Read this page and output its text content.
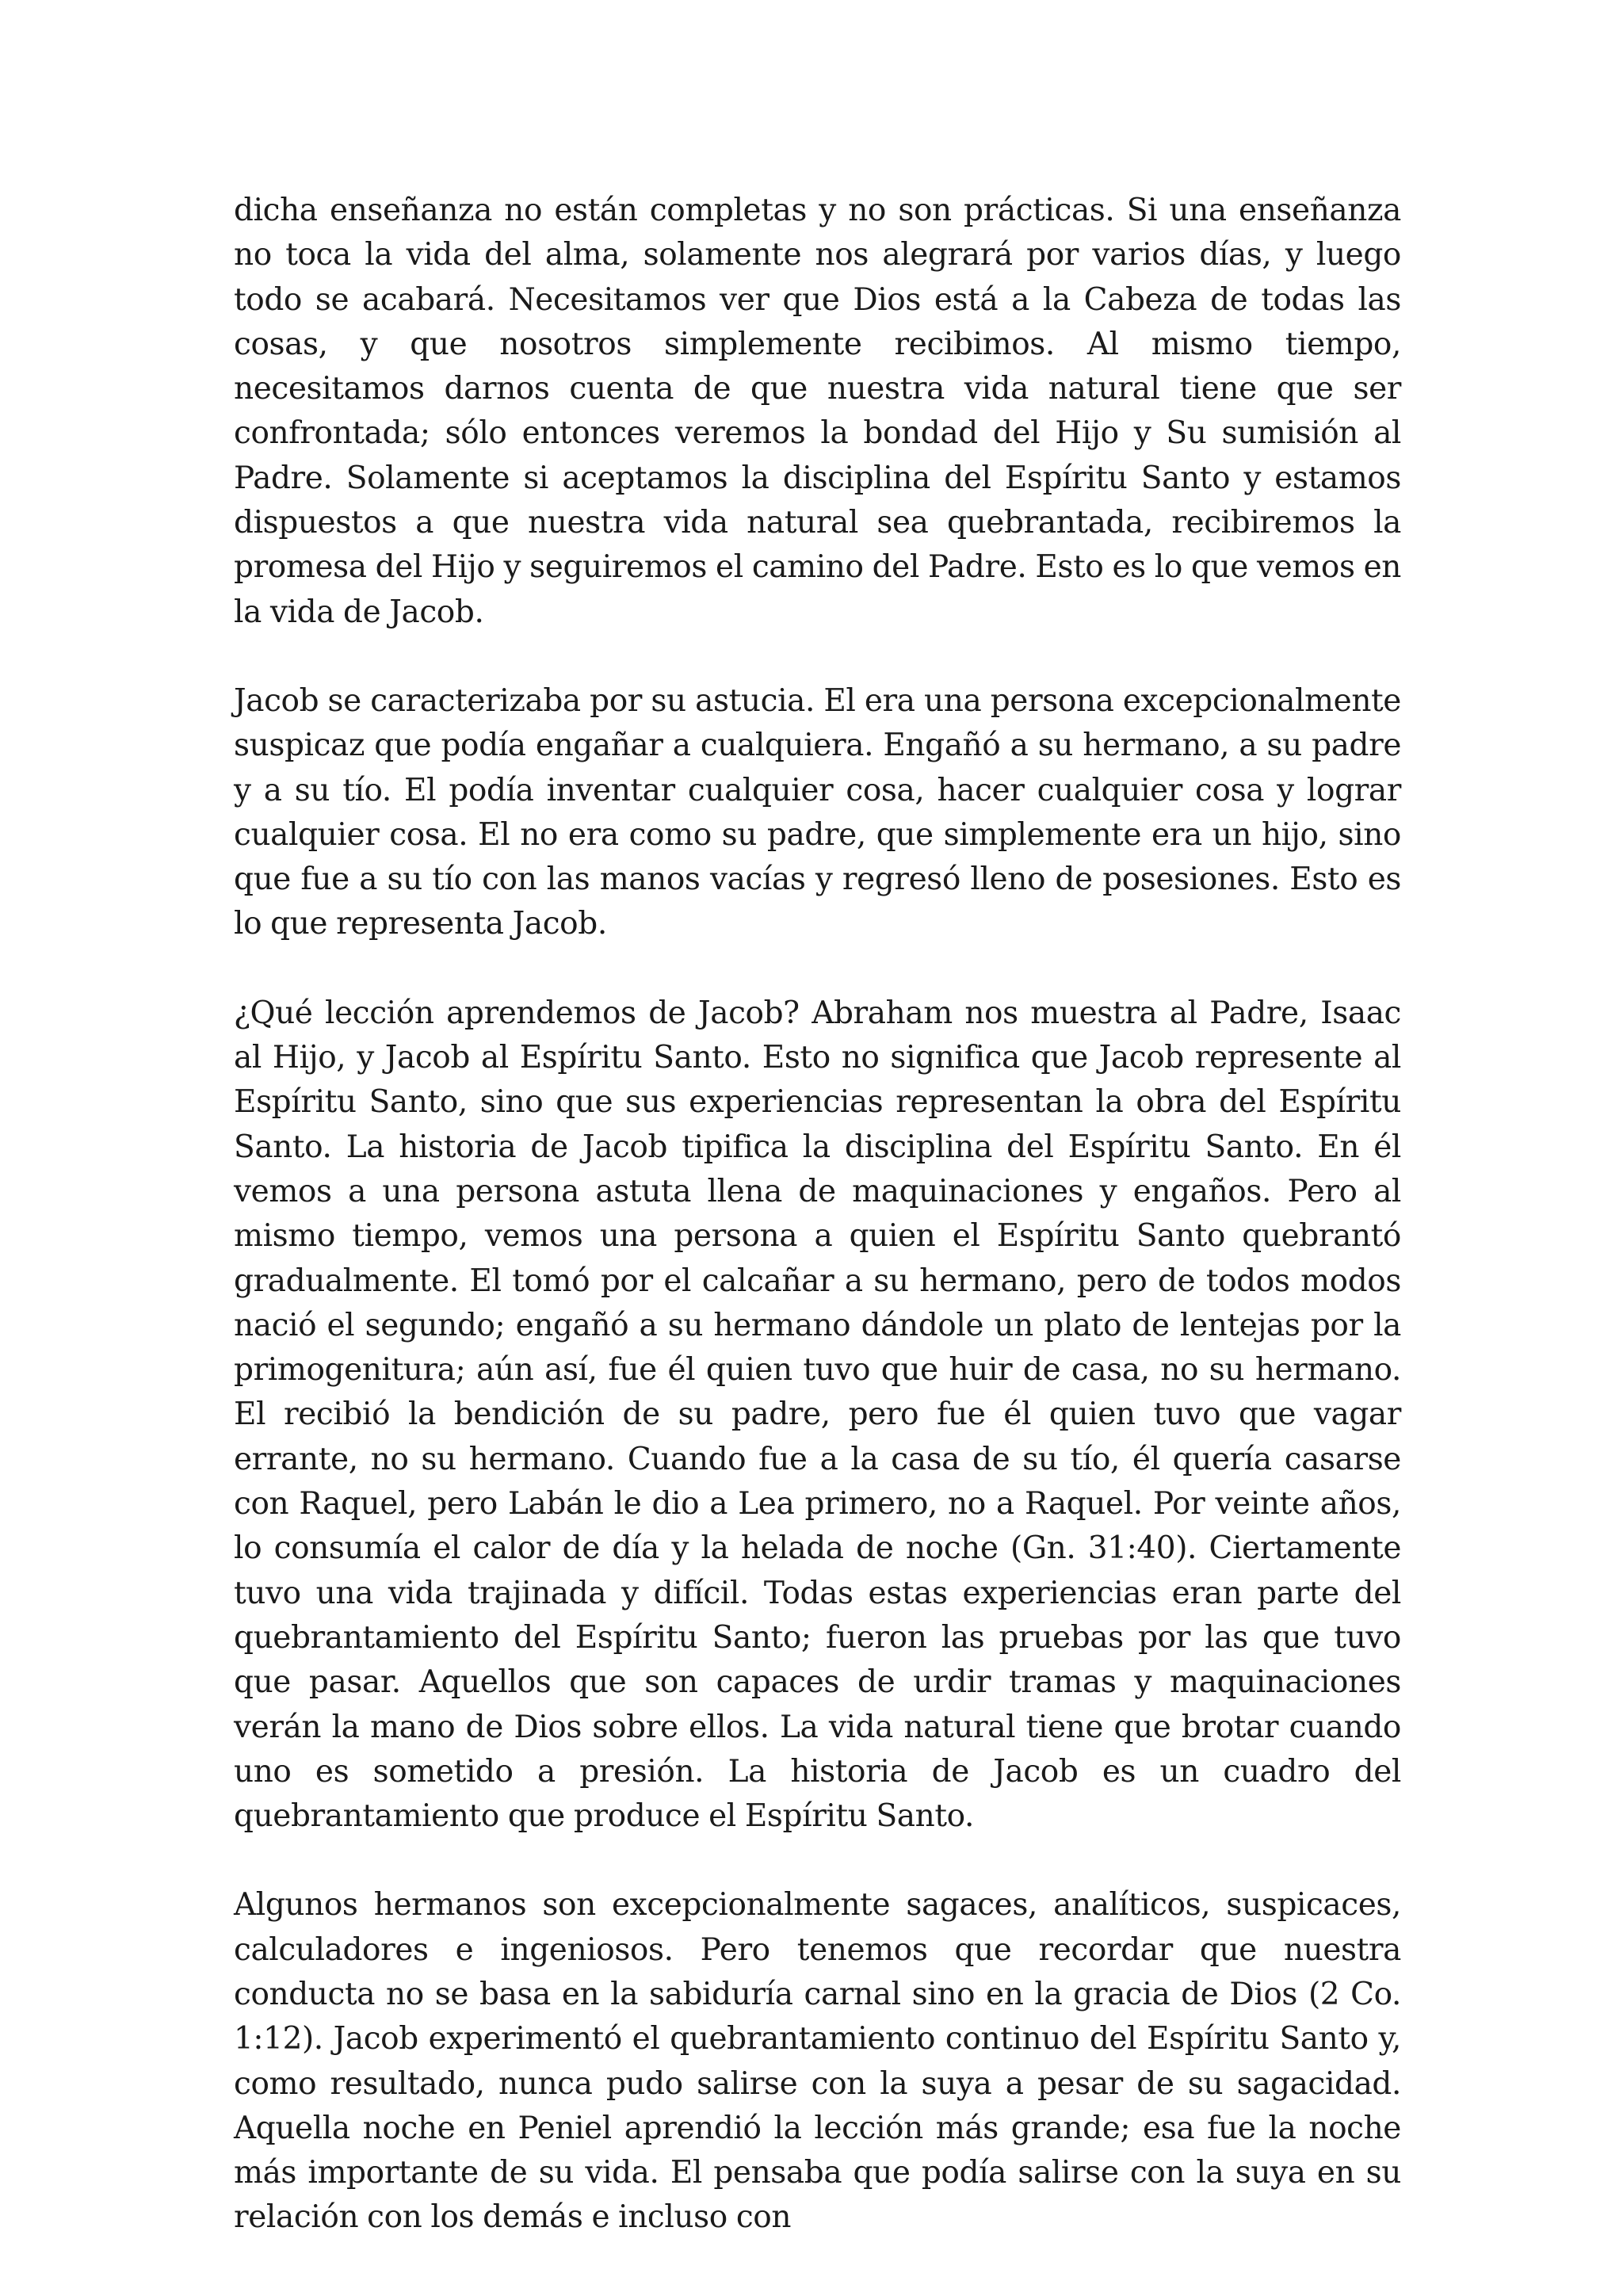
dicha enseñanza no están completas y no son prácticas. Si una enseñanza no toca la vida del alma, solamente nos alegrará por varios días, y luego todo se acabará. Necesitamos ver que Dios está a la Cabeza de todas las cosas, y que nosotros simplemente recibimos. Al mismo tiempo, necesitamos darnos cuenta de que nuestra vida natural tiene que ser confrontada; sólo entonces veremos la bondad del Hijo y Su sumisión al Padre. Solamente si aceptamos la disciplina del Espíritu Santo y estamos dispuestos a que nuestra vida natural sea quebrantada, recibiremos la promesa del Hijo y seguiremos el camino del Padre. Esto es lo que vemos en la vida de Jacob.

Jacob se caracterizaba por su astucia. El era una persona excepcionalmente suspicaz que podía engañar a cualquiera. Engañó a su hermano, a su padre y a su tío. El podía inventar cualquier cosa, hacer cualquier cosa y lograr cualquier cosa. El no era como su padre, que simplemente era un hijo, sino que fue a su tío con las manos vacías y regresó lleno de posesiones. Esto es lo que representa Jacob.

¿Qué lección aprendemos de Jacob? Abraham nos muestra al Padre, Isaac al Hijo, y Jacob al Espíritu Santo. Esto no significa que Jacob represente al Espíritu Santo, sino que sus experiencias representan la obra del Espíritu Santo. La historia de Jacob tipifica la disciplina del Espíritu Santo. En él vemos a una persona astuta llena de maquinaciones y engaños. Pero al mismo tiempo, vemos una persona a quien el Espíritu Santo quebrantó gradualmente. El tomó por el calcañar a su hermano, pero de todos modos nació el segundo; engañó a su hermano dándole un plato de lentejas por la primogenitura; aún así, fue él quien tuvo que huir de casa, no su hermano. El recibió la bendición de su padre, pero fue él quien tuvo que vagar errante, no su hermano. Cuando fue a la casa de su tío, él quería casarse con Raquel, pero Labán le dio a Lea primero, no a Raquel. Por veinte años, lo consumía el calor de día y la helada de noche (Gn. 31:40). Ciertamente tuvo una vida trajinada y difícil. Todas estas experiencias eran parte del quebrantamiento del Espíritu Santo; fueron las pruebas por las que tuvo que pasar. Aquellos que son capaces de urdir tramas y maquinaciones verán la mano de Dios sobre ellos. La vida natural tiene que brotar cuando uno es sometido a presión. La historia de Jacob es un cuadro del quebrantamiento que produce el Espíritu Santo.

Algunos hermanos son excepcionalmente sagaces, analíticos, suspicaces, calculadores e ingeniosos. Pero tenemos que recordar que nuestra conducta no se basa en la sabiduría carnal sino en la gracia de Dios (2 Co. 1:12). Jacob experimentó el quebrantamiento continuo del Espíritu Santo y, como resultado, nunca pudo salirse con la suya a pesar de su sagacidad. Aquella noche en Peniel aprendió la lección más grande; esa fue la noche más importante de su vida. El pensaba que podía salirse con la suya en su relación con los demás e incluso con
